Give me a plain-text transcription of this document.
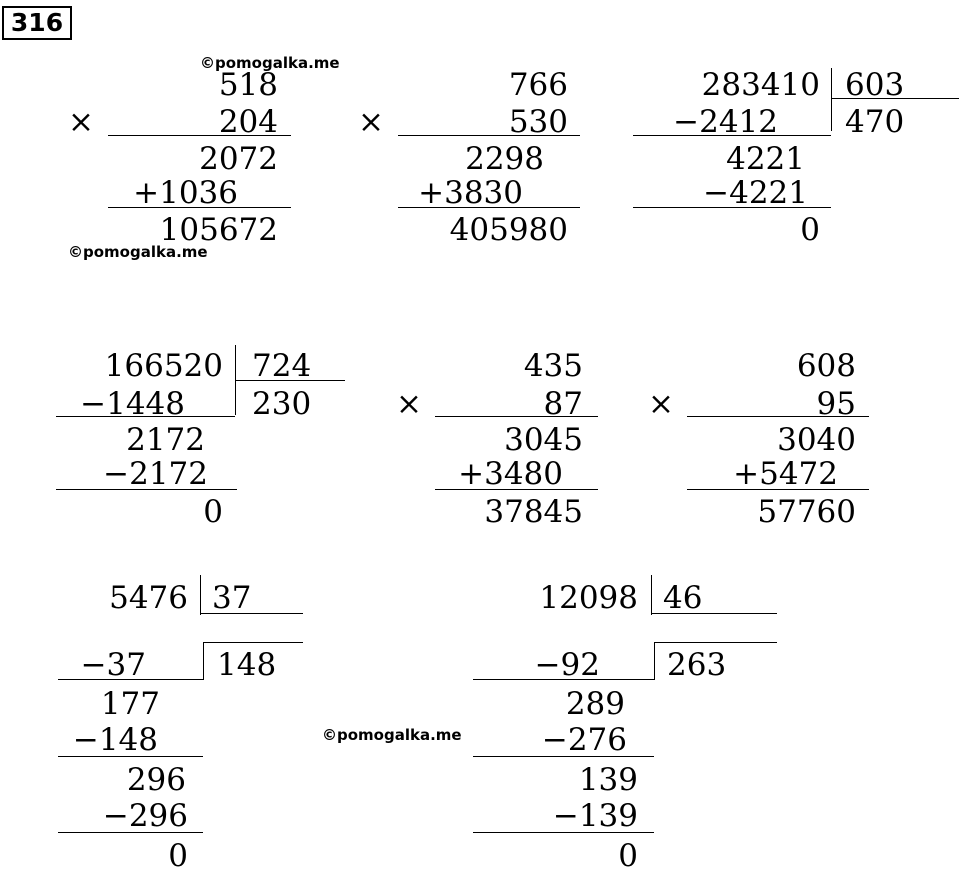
316
©pomogalka.me
©pomogalka.me
©pomogalka.me
×
518
204
2072
+1036
105672
×
766
530
2298
+3830
405980
283410 603
470
−2412
4221
−4221
0
166520 724
230
−1448
2172
−2172
0
×
435
87
3045
+3480
37845
×
608
95
3040
+5472
57760
5476 37
148
−37
177
−148
296
−296
0
12098 46
263
−92
289
−276
139
−139
0
